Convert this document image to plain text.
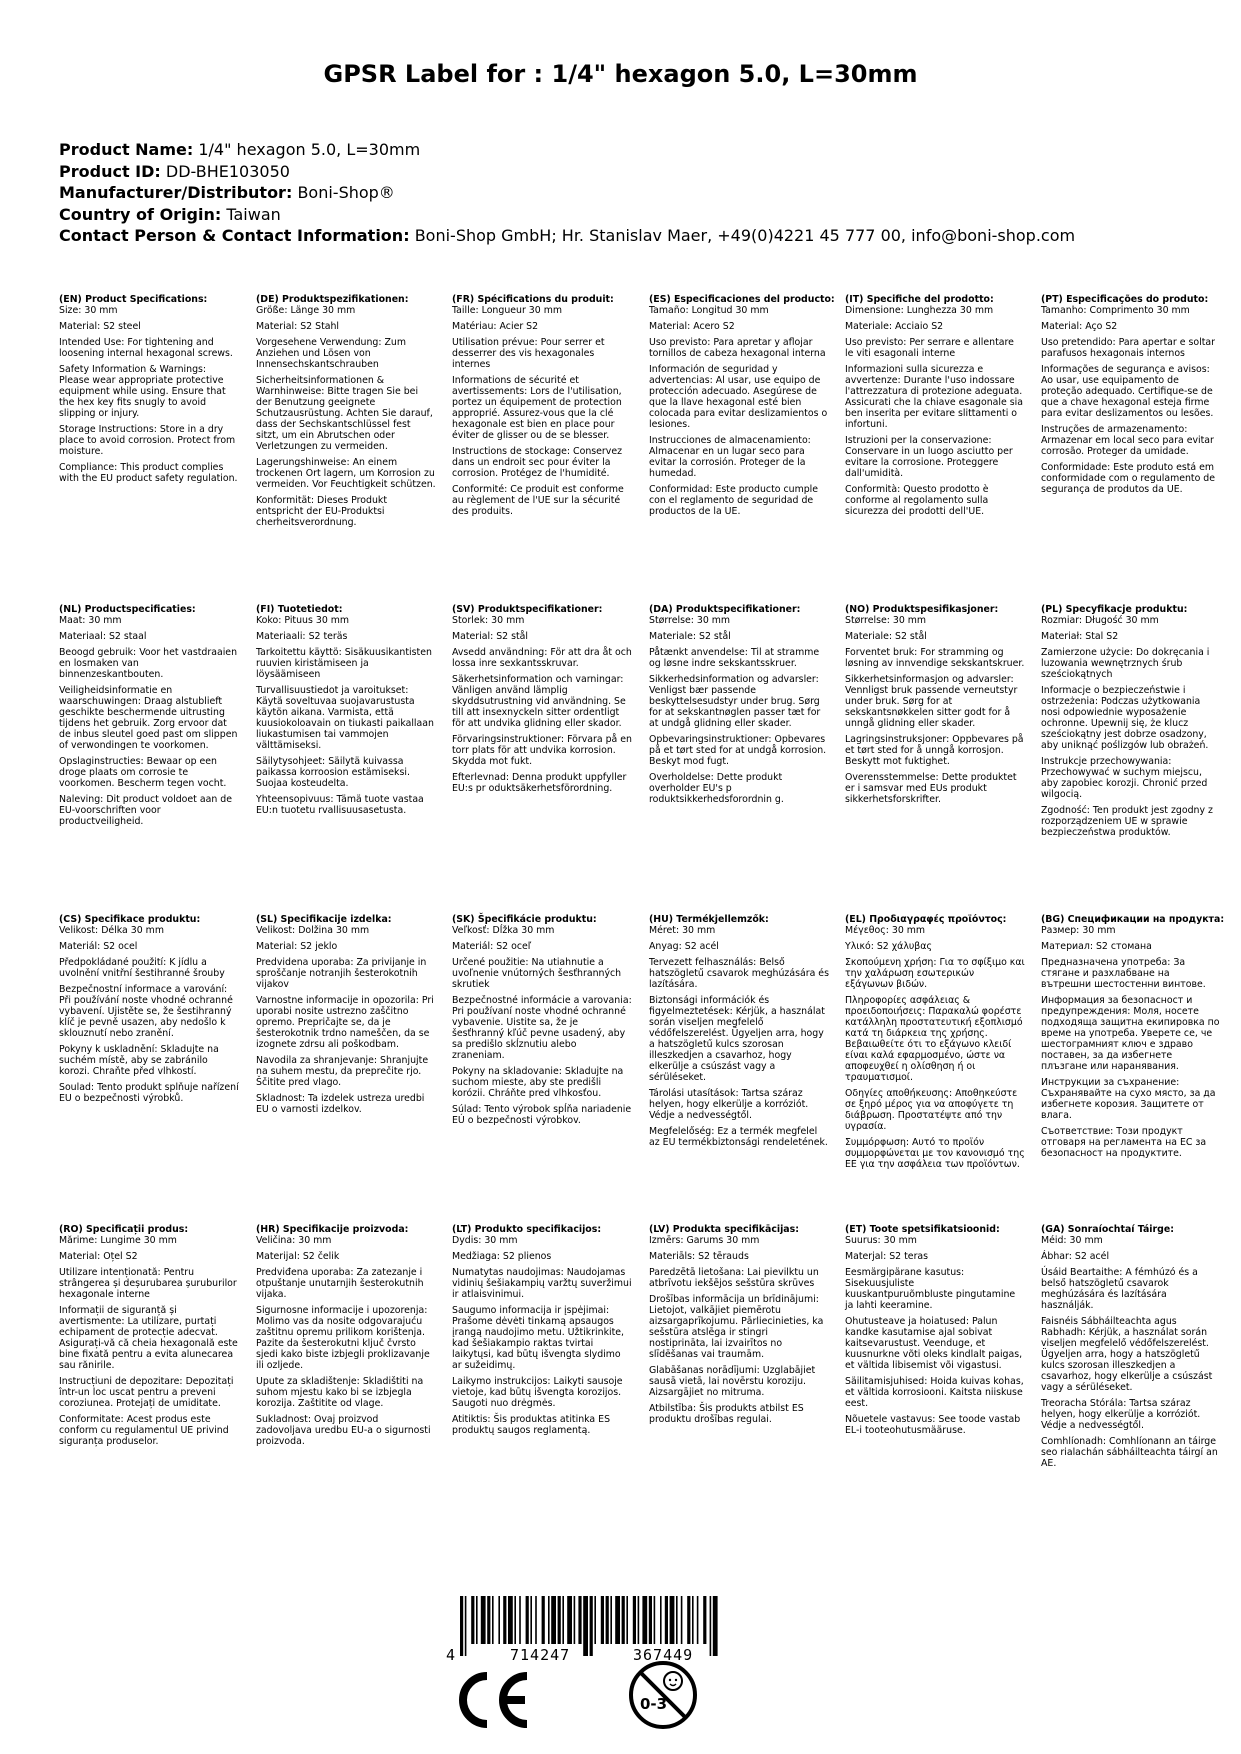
GPSR Label for : 1/4" hexagon 5.0, L=30mm
Product Name: 1/4" hexagon 5.0, L=30mm
Product ID: DD-BHE103050
Manufacturer/Distributor: Boni-Shop®
Country of Origin: Taiwan
Contact Person & Contact Information: Boni-Shop GmbH; Hr. Stanislav Maer, +49(0)4221 45 777 00, info@boni-shop.com
(EN) Product Specifications:
Size: 30 mm
Material: S2 steel
Intended Use: For tightening and loosening internal hexagonal screws.
Safety Information & Warnings: Please wear appropriate protective equipment while using. Ensure that the hex key fits snugly to avoid slipping or injury.
Storage Instructions: Store in a dry place to avoid corrosion. Protect from moisture.
Compliance: This product complies with the EU product safety regulation.
(DE) Produktspezifikationen:
Größe: Länge 30 mm
Material: S2 Stahl
Vorgesehene Verwendung: Zum Anziehen und Lösen von Innensechskantschrauben
Sicherheitsinformationen & Warnhinweise: Bitte tragen Sie bei der Benutzung geeignete Schutzausrüstung. Achten Sie darauf, dass der Sechskantschlüssel fest sitzt, um ein Abrutschen oder Verletzungen zu vermeiden.
Lagerungshinweise: An einem trockenen Ort lagern, um Korrosion zu vermeiden. Vor Feuchtigkeit schützen.
Konformität: Dieses Produkt entspricht der EU-Produktsi cherheitsverordnung.
(FR) Spécifications du produit:
Taille: Longueur 30 mm
Matériau: Acier S2
Utilisation prévue: Pour serrer et desserrer des vis hexagonales internes
Informations de sécurité et avertissements: Lors de l'utilisation, portez un équipement de protection approprié. Assurez-vous que la clé hexagonale est bien en place pour éviter de glisser ou de se blesser.
Instructions de stockage: Conservez dans un endroit sec pour éviter la corrosion. Protégez de l'humidité.
Conformité: Ce produit est conforme au règlement de l'UE sur la sécurité des produits.
(ES) Especificaciones del producto:
Tamaño: Longitud 30 mm
Material: Acero S2
Uso previsto: Para apretar y aflojar tornillos de cabeza hexagonal interna
Información de seguridad y advertencias: Al usar, use equipo de protección adecuado. Asegúrese de que la llave hexagonal esté bien colocada para evitar deslizamientos o lesiones.
Instrucciones de almacenamiento: Almacenar en un lugar seco para evitar la corrosión. Proteger de la humedad.
Conformidad: Este producto cumple con el reglamento de seguridad de productos de la UE.
(IT) Specifiche del prodotto:
Dimensione: Lunghezza 30 mm
Materiale: Acciaio S2
Uso previsto: Per serrare e allentare le viti esagonali interne
Informazioni sulla sicurezza e avvertenze: Durante l'uso indossare l'attrezzatura di protezione adeguata. Assicurati che la chiave esagonale sia ben inserita per evitare slittamenti o infortuni.
Istruzioni per la conservazione: Conservare in un luogo asciutto per evitare la corrosione. Proteggere dall'umidità.
Conformità: Questo prodotto è conforme al regolamento sulla sicurezza dei prodotti dell'UE.
(PT) Especificações do produto:
Tamanho: Comprimento 30 mm
Material: Aço S2
Uso pretendido: Para apertar e soltar parafusos hexagonais internos
Informações de segurança e avisos: Ao usar, use equipamento de proteção adequado. Certifique-se de que a chave hexagonal esteja firme para evitar deslizamentos ou lesões.
Instruções de armazenamento: Armazenar em local seco para evitar corrosão. Proteger da umidade.
Conformidade: Este produto está em conformidade com o regulamento de segurança de produtos da UE.
(NL) Productspecificaties:
Maat: 30 mm
Materiaal: S2 staal
Beoogd gebruik: Voor het vastdraaien en losmaken van binnenzeskantbouten.
Veiligheidsinformatie en waarschuwingen: Draag alstublieft geschikte beschermende uitrusting tijdens het gebruik. Zorg ervoor dat de inbus sleutel goed past om slippen of verwondingen te voorkomen.
Opslaginstructies: Bewaar op een droge plaats om corrosie te voorkomen. Bescherm tegen vocht.
Naleving: Dit product voldoet aan de EU-voorschriften voor productveiligheid.
(FI) Tuotetiedot:
Koko: Pituus 30 mm
Materiaali: S2 teräs
Tarkoitettu käyttö: Sisäkuusikantisten ruuvien kiristämiseen ja löysäämiseen
Turvallisuustiedot ja varoitukset: Käytä soveltuvaa suojavarustusta käytön aikana. Varmista, että kuusiokoloavain on tiukasti paikallaan liukastumisen tai vammojen välttämiseksi.
Säilytysohjeet: Säilytä kuivassa paikassa korroosion estämiseksi. Suojaa kosteudelta.
Yhteensopivuus: Tämä tuote vastaa EU:n tuotetu rvallisuusasetusta.
(SV) Produktspecifikationer:
Storlek: 30 mm
Material: S2 stål
Avsedd användning: För att dra åt och lossa inre sexkantsskruvar.
Säkerhetsinformation och varningar: Vänligen använd lämplig skyddsutrustning vid användning. Se till att insexnyckeln sitter ordentligt för att undvika glidning eller skador.
Förvaringsinstruktioner: Förvara på en torr plats för att undvika korrosion. Skydda mot fukt.
Efterlevnad: Denna produkt uppfyller EU:s pr oduktsäkerhetsförordning.
(DA) Produktspecifikationer:
Størrelse: 30 mm
Materiale: S2 stål
Påtænkt anvendelse: Til at stramme og løsne indre sekskantsskruer.
Sikkerhedsinformation og advarsler: Venligst bær passende beskyttelsesudstyr under brug. Sørg for at sekskantnøglen passer tæt for at undgå glidning eller skader.
Opbevaringsinstruktioner: Opbevares på et tørt sted for at undgå korrosion. Beskyt mod fugt.
Overholdelse: Dette produkt overholder EU's p roduktsikkerhedsforordnin g.
(NO) Produktspesifikasjoner:
Størrelse: 30 mm
Materiale: S2 stål
Forventet bruk: For stramming og løsning av innvendige sekskantskruer.
Sikkerhetsinformasjon og advarsler: Vennligst bruk passende verneutstyr under bruk. Sørg for at sekskantsnøkkelen sitter godt for å unngå glidning eller skader.
Lagringsinstruksjoner: Oppbevares på et tørt sted for å unngå korrosjon. Beskytt mot fuktighet.
Overensstemmelse: Dette produktet er i samsvar med EUs produkt sikkerhetsforskrifter.
(PL) Specyfikacje produktu:
Rozmiar: Długość 30 mm
Materiał: Stal S2
Zamierzone użycie: Do dokręcania i luzowania wewnętrznych śrub sześciokątnych
Informacje o bezpieczeństwie i ostrzeżenia: Podczas użytkowania nosi odpowiednie wyposażenie ochronne. Upewnij się, że klucz sześciokątny jest dobrze osadzony, aby uniknąć poślizgów lub obrażeń.
Instrukcje przechowywania: Przechowywać w suchym miejscu, aby zapobiec korozji. Chronić przed wilgocią.
Zgodność: Ten produkt jest zgodny z rozporządzeniem UE w sprawie bezpieczeństwa produktów.
(CS) Specifikace produktu:
Velikost: Délka 30 mm
Materiál: S2 ocel
Předpokládané použití: K jídlu a uvolnění vnitřní šestihranné šrouby
Bezpečnostní informace a varování: Při používání noste vhodné ochranné vybavení. Ujistěte se, že šestihranný klíč je pevně usazen, aby nedošlo k sklouznutí nebo zranění.
Pokyny k uskladnění: Skladujte na suchém místě, aby se zabránilo korozi. Chraňte před vlhkostí.
Soulad: Tento produkt splňuje nařízení EU o bezpečnosti výrobků.
(SL) Specifikacije izdelka:
Velikost: Dolžina 30 mm
Material: S2 jeklo
Predvidena uporaba: Za privijanje in sproščanje notranjih šesterokotnih vijakov
Varnostne informacije in opozorila: Pri uporabi nosite ustrezno zaščitno opremo. Prepričajte se, da je šesterokotnik trdno nameščen, da se izognete zdrsu ali poškodbam.
Navodila za shranjevanje: Shranjujte na suhem mestu, da preprečite rjo. Ščitite pred vlago.
Skladnost: Ta izdelek ustreza uredbi EU o varnosti izdelkov.
(SK) Špecifikácie produktu:
Veľkosť: Dĺžka 30 mm
Materiál: S2 oceľ
Určené použitie: Na utiahnutie a uvoľnenie vnútorných šesťhranných skrutiek
Bezpečnostné informácie a varovania: Pri používaní noste vhodné ochranné vybavenie. Uistite sa, že je šesťhranný kľúč pevne usadený, aby sa predišlo skĺznutiu alebo zraneniam.
Pokyny na skladovanie: Skladujte na suchom mieste, aby ste predišli korózii. Chráňte pred vlhkosťou.
Súlad: Tento výrobok spĺňa nariadenie EÚ o bezpečnosti výrobkov.
(HU) Termékjellemzők:
Méret: 30 mm
Anyag: S2 acél
Tervezett felhasználás: Belső hatszögletű csavarok meghúzására és lazítására.
Biztonsági információk és figyelmeztetések: Kérjük, a használat során viseljen megfelelő védőfelszerelést. Ügyeljen arra, hogy a hatszögletű kulcs szorosan illeszkedjen a csavarhoz, hogy elkerülje a csúszást vagy a sérüléseket.
Tárolási utasítások: Tartsa száraz helyen, hogy elkerülje a korróziót. Védje a nedvességtől.
Megfelelőség: Ez a termék megfelel az EU termékbiztonsági rendeletének.
(EL) Προδιαγραφές προϊόντος:
Μέγεθος: 30 mm
Υλικό: S2 χάλυβας
Σκοπούμενη χρήση: Για το σφίξιμο και την χαλάρωση εσωτερικών εξάγωνων βιδών.
Πληροφορίες ασφάλειας & προειδοποιήσεις: Παρακαλώ φορέστε κατάλληλη προστατευτική εξοπλισμό κατά τη διάρκεια της χρήσης. Βεβαιωθείτε ότι το εξάγωνο κλειδί είναι καλά εφαρμοσμένο, ώστε να αποφευχθεί η ολίσθηση ή οι τραυματισμοί.
Οδηγίες αποθήκευσης: Αποθηκεύστε σε ξηρό μέρος για να αποφύγετε τη διάβρωση. Προστατέψτε από την υγρασία.
Συμμόρφωση: Αυτό το προϊόν συμμορφώνεται με τον κανονισμό της ΕΕ για την ασφάλεια των προϊόντων.
(BG) Спецификации на продукта:
Размер: 30 mm
Материал: S2 стомана
Предназначена употреба: За стягане и разхлабване на вътрешни шестостенни винтове.
Информация за безопасност и предупреждения: Моля, носете подходяща защитна екипировка по време на употреба. Уверете се, че шестограмният ключ е здраво поставен, за да избегнете плъзгане или наранявания.
Инструкции за съхранение: Съхранявайте на сухо място, за да избегнете корозия. Защитете от влага.
Съответствие: Този продукт отговаря на регламента на ЕС за безопасност на продуктите.
(RO) Specificații produs:
Mărime: Lungime 30 mm
Material: Oțel S2
Utilizare intenționată: Pentru strângerea și deșurubarea șuruburilor hexagonale interne
Informații de siguranță și avertismente: La utilizare, purtați echipament de protecție adecvat. Asigurați-vă că cheia hexagonală este bine fixată pentru a evita alunecarea sau rănirile.
Instrucțiuni de depozitare: Depozitați într-un loc uscat pentru a preveni coroziunea. Protejați de umiditate.
Conformitate: Acest produs este conform cu regulamentul UE privind siguranța produselor.
(HR) Specifikacije proizvoda:
Veličina: 30 mm
Materijal: S2 čelik
Predviđena uporaba: Za zatezanje i otpuštanje unutarnjih šesterokutnih vijaka.
Sigurnosne informacije i upozorenja: Molimo vas da nosite odgovarajuću zaštitnu opremu prilikom korištenja. Pazite da šesterokutni ključ čvrsto sjedi kako biste izbjegli proklizavanje ili ozljede.
Upute za skladištenje: Skladištiti na suhom mjestu kako bi se izbjegla korozija. Zaštitite od vlage.
Sukladnost: Ovaj proizvod zadovoljava uredbu EU-a o sigurnosti proizvoda.
(LT) Produkto specifikacijos:
Dydis: 30 mm
Medžiaga: S2 plienos
Numatytas naudojimas: Naudojamas vidinių šešiakampių varžtų suveržimui ir atlaisvinimui.
Saugumo informacija ir įspėjimai: Prašome dėvėti tinkamą apsaugos įrangą naudojimo metu. Užtikrinkite, kad šešiakampio raktas tvirtai laikytųsi, kad būtų išvengta slydimo ar sužeidimų.
Laikymo instrukcijos: Laikyti sausoje vietoje, kad būtų išvengta korozijos. Saugoti nuo drėgmės.
Atitiktis: Šis produktas atitinka ES produktų saugos reglamentą.
(LV) Produkta specifikācijas:
Izmērs: Garums 30 mm
Materiāls: S2 tērauds
Paredzētā lietošana: Lai pievilktu un atbrīvotu iekšējos sešstūra skrūves
Drošības informācija un brīdinājumi: Lietojot, valkājiet piemērotu aizsargaprīkojumu. Pārliecinieties, ka sešstūra atslēga ir stingri nostiprināta, lai izvairītos no slīdēšanas vai traumām.
Glabāšanas norādījumi: Uzglabājiet sausā vietā, lai novērstu koroziju. Aizsargājiet no mitruma.
Atbilstība: Šis produkts atbilst ES produktu drošības regulai.
(ET) Toote spetsifikatsioonid:
Suurus: 30 mm
Materjal: S2 teras
Eesmärgipärane kasutus: Sisekuusjuliste kuuskantpuruõmbluste pingutamine ja lahti keeramine.
Ohutusteave ja hoiatused: Palun kandke kasutamise ajal sobivat kaitsevarustust. Veenduge, et kuusnurkne võti oleks kindlalt paigas, et vältida libisemist või vigastusi.
Säilitamisjuhised: Hoida kuivas kohas, et vältida korrosiooni. Kaitsta niiskuse eest.
Nõuetele vastavus: See toode vastab EL-i tooteohutusmääruse.
(GA) Sonraíochtaí Táirge:
Méid: 30 mm
Ábhar: S2 acél
Úsáid Beartaithe: A fémhúzó és a belső hatszögletű csavarok meghúzására és lazítására használják.
Faisnéis Sábháilteachta agus Rabhadh: Kérjük, a használat során viseljen megfelelő védőfelszerelést. Ügyeljen arra, hogy a hatszögletű kulcs szorosan illeszkedjen a csavarhoz, hogy elkerülje a csúszást vagy a sérüléseket.
Treoracha Stórála: Tartsa száraz helyen, hogy elkerülje a korróziót. Védje a nedvességtől.
Comhlíonadh: Comhlíonann an táirge seo rialachán sábháilteachta táirgí an AE.
4	714247	367449
0-3
